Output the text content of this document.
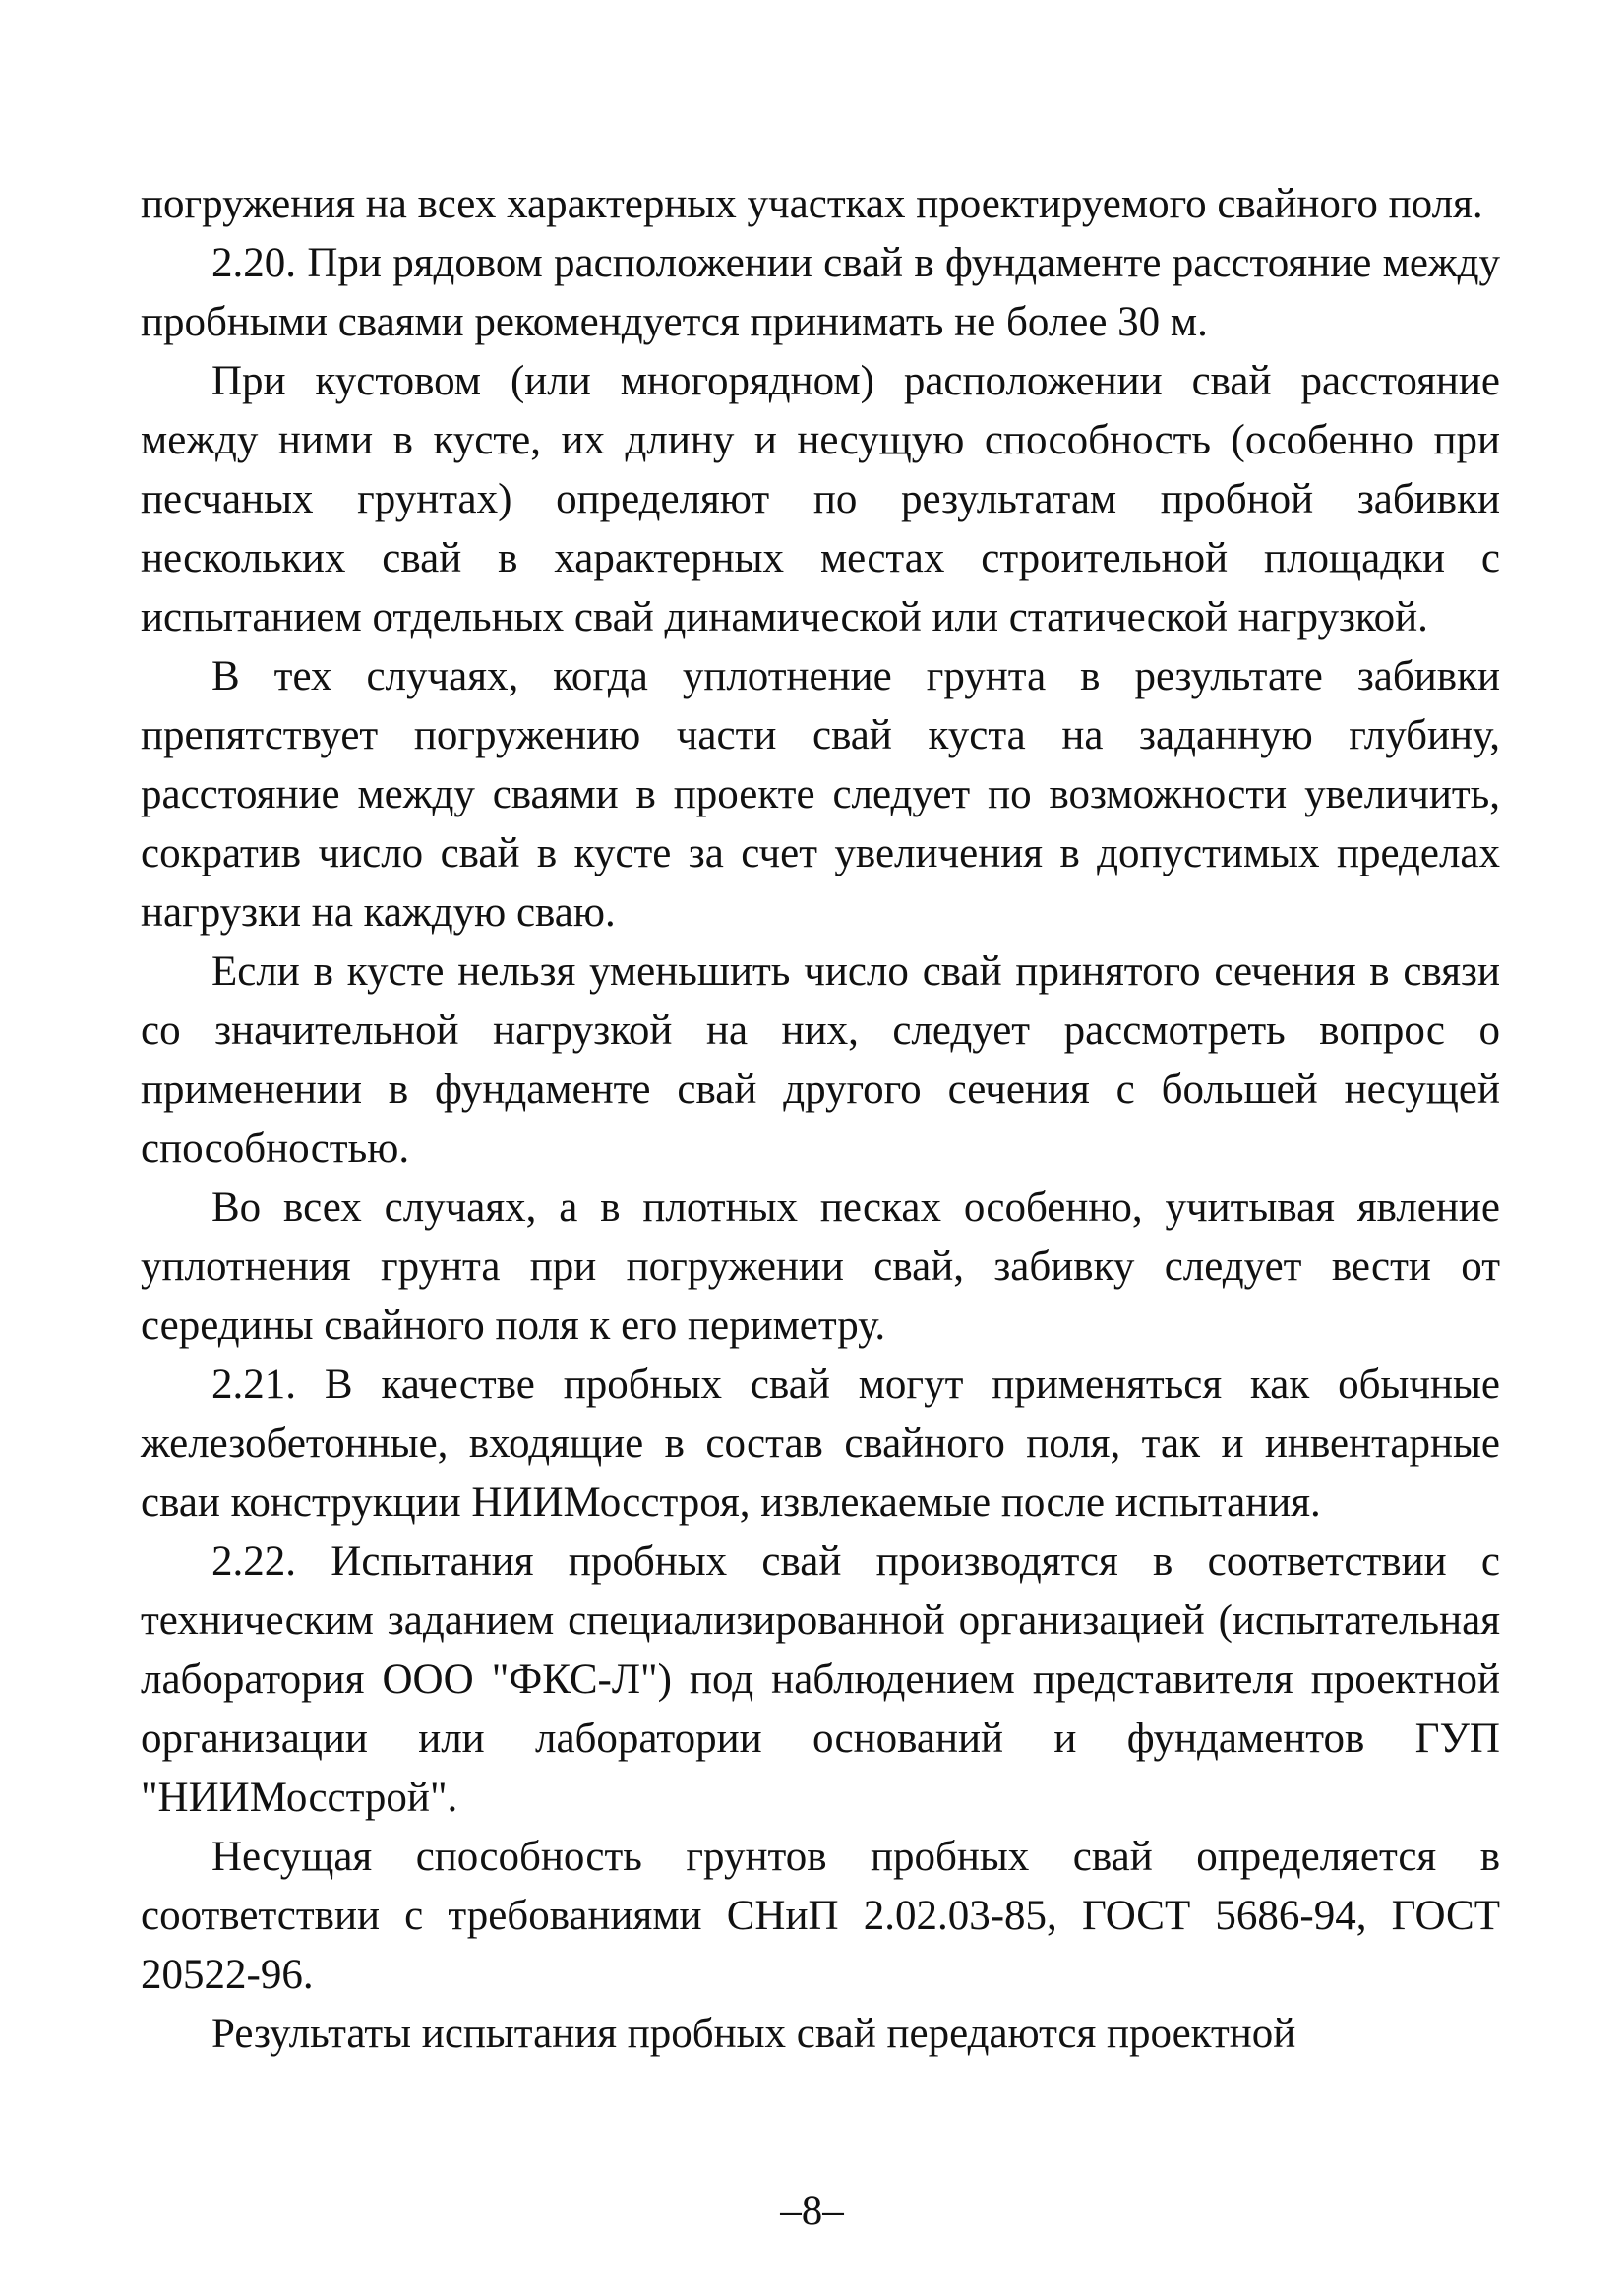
погружения на всех характерных участках проектируемого свайного поля.

2.20. При рядовом расположении свай в фундаменте расстояние между пробными сваями рекомендуется принимать не более 30 м.

При кустовом (или многорядном) расположении свай расстояние между ними в кусте, их длину и несущую способность (особенно при песчаных грунтах) определяют по результатам пробной забивки нескольких свай в характерных местах строительной площадки с испытанием отдельных свай динамической или статической нагрузкой.

В тех случаях, когда уплотнение грунта в результате забивки препятствует погружению части свай куста на заданную глубину, расстояние между сваями в проекте следует по возможности увеличить, сократив число свай в кусте за счет увеличения в допустимых пределах нагрузки на каждую сваю.

Если в кусте нельзя уменьшить число свай принятого сечения в связи со значительной нагрузкой на них, следует рассмотреть вопрос о применении в фундаменте свай другого сечения с большей несущей способностью.

Во всех случаях, а в плотных песках особенно, учитывая явление уплотнения грунта при погружении свай, забивку следует вести от середины свайного поля к его периметру.

2.21. В качестве пробных свай могут применяться как обычные железобетонные, входящие в состав свайного поля, так и инвентарные сваи конструкции НИИМосстроя, извлекаемые после испытания.

2.22. Испытания пробных свай производятся в соответствии с техническим заданием специализированной организацией (испытательная лаборатория ООО "ФКС-Л") под наблюдением представителя проектной организации или лаборатории оснований и фундаментов ГУП "НИИМосстрой".

Несущая способность грунтов пробных свай определяется в соответствии с требованиями СНиП 2.02.03-85, ГОСТ 5686-94, ГОСТ 20522-96.

Результаты испытания пробных свай передаются проектной

–8–
